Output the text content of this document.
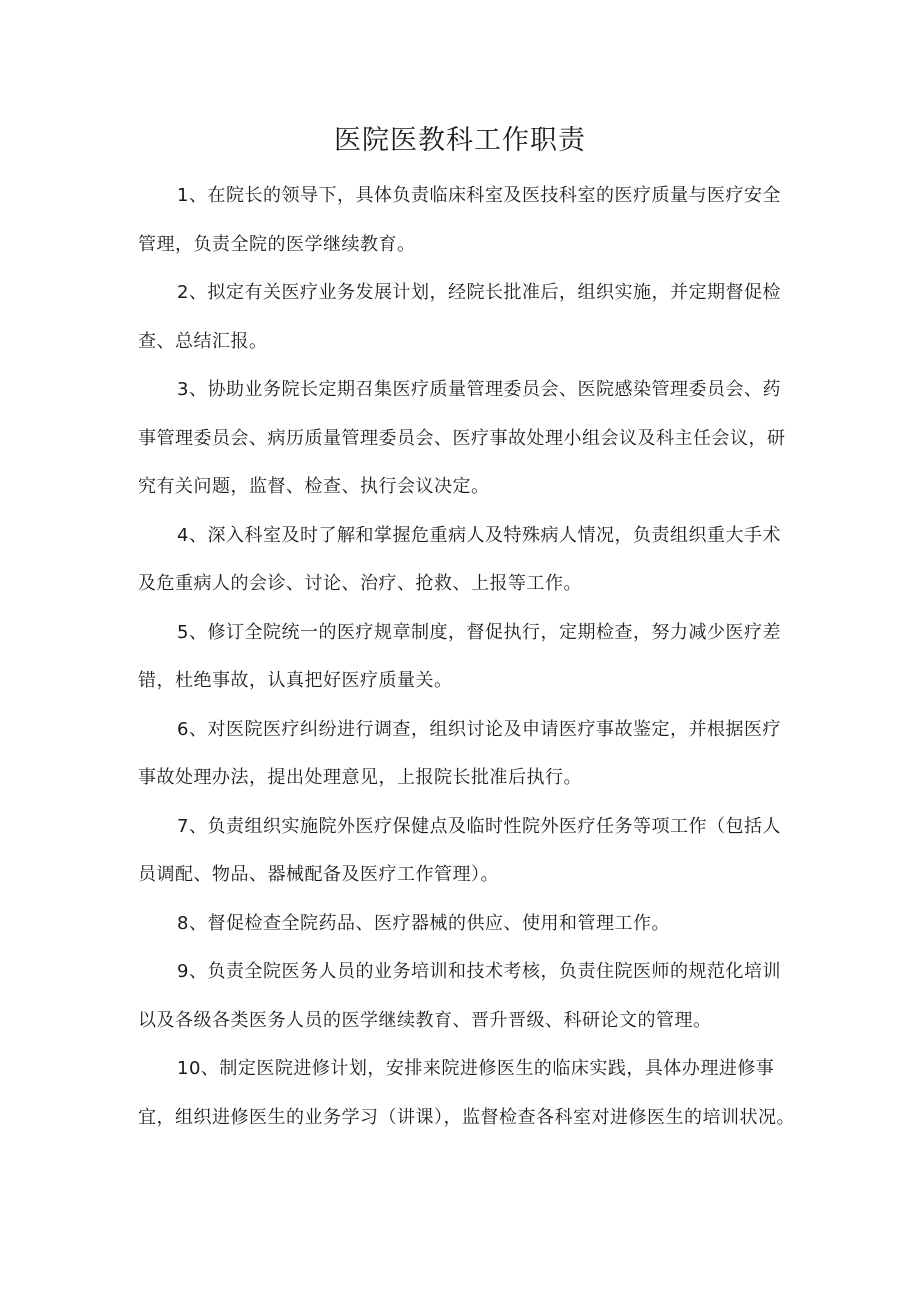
医院医教科工作职责

1、在院长的领导下，具体负责临床科室及医技科室的医疗质量与医疗安全管理，负责全院的医学继续教育。

2、拟定有关医疗业务发展计划，经院长批准后，组织实施，并定期督促检查、总结汇报。

3、协助业务院长定期召集医疗质量管理委员会、医院感染管理委员会、药事管理委员会、病历质量管理委员会、医疗事故处理小组会议及科主任会议，研究有关问题，监督、检查、执行会议决定。

4、深入科室及时了解和掌握危重病人及特殊病人情况，负责组织重大手术及危重病人的会诊、讨论、治疗、抢救、上报等工作。

5、修订全院统一的医疗规章制度，督促执行，定期检查，努力减少医疗差错，杜绝事故，认真把好医疗质量关。

6、对医院医疗纠纷进行调查，组织讨论及申请医疗事故鉴定，并根据医疗事故处理办法，提出处理意见，上报院长批准后执行。

7、负责组织实施院外医疗保健点及临时性院外医疗任务等项工作（包括人员调配、物品、器械配备及医疗工作管理）。

8、督促检查全院药品、医疗器械的供应、使用和管理工作。

9、负责全院医务人员的业务培训和技术考核，负责住院医师的规范化培训以及各级各类医务人员的医学继续教育、晋升晋级、科研论文的管理。

10、制定医院进修计划，安排来院进修医生的临床实践，具体办理进修事宜，组织进修医生的业务学习（讲课），监督检查各科室对进修医生的培训状况。
